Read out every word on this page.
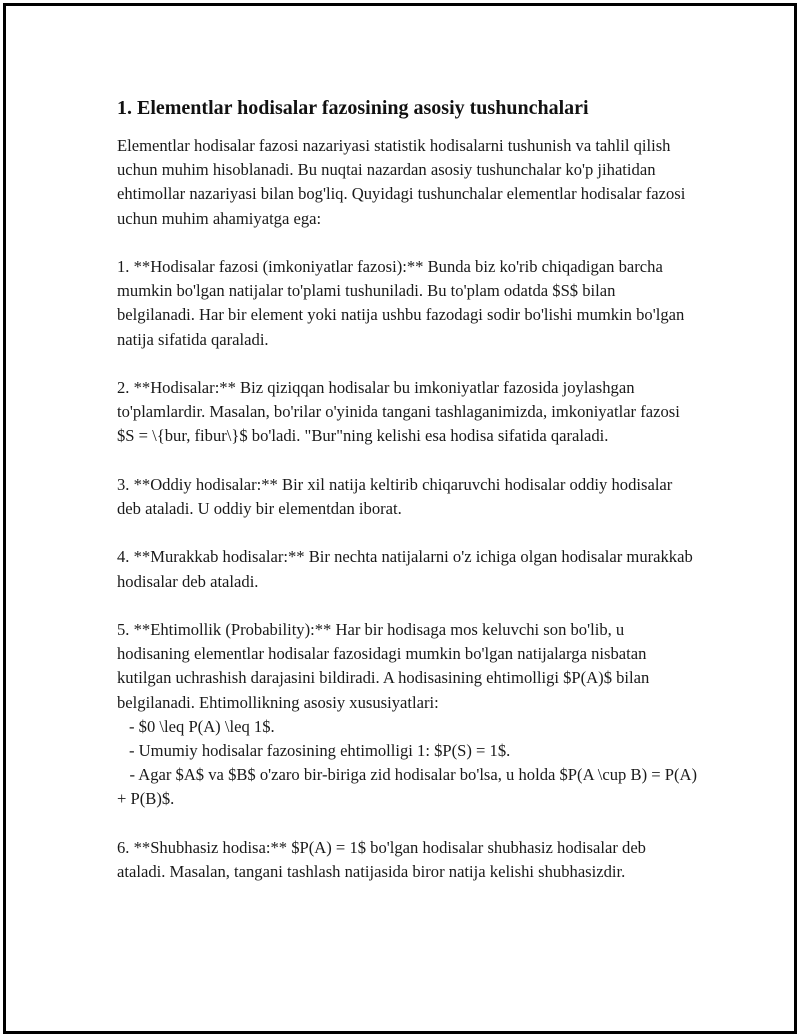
1. Elementlar hodisalar fazosining asosiy tushunchalari

Elementlar hodisalar fazosi nazariyasi statistik hodisalarni tushunish va tahlil qilish uchun muhim hisoblanadi. Bu nuqtai nazardan asosiy tushunchalar ko'p jihatidan ehtimollar nazariyasi bilan bog'liq. Quyidagi tushunchalar elementlar hodisalar fazosi uchun muhim ahamiyatga ega:

1. **Hodisalar fazosi (imkoniyatlar fazosi):** Bunda biz ko'rib chiqadigan barcha mumkin bo'lgan natijalar to'plami tushuniladi. Bu to'plam odatda $S$ bilan belgilanadi. Har bir element yoki natija ushbu fazodagi sodir bo'lishi mumkin bo'lgan natija sifatida qaraladi.

2. **Hodisalar:** Biz qiziqqan hodisalar bu imkoniyatlar fazosida joylashgan to'plamlardir. Masalan, bo'rilar o'yinida tangani tashlaganimizda, imkoniyatlar fazosi $S = \{bur, fibur\}$ bo'ladi. "Bur"ning kelishi esa hodisa sifatida qaraladi.

3. **Oddiy hodisalar:** Bir xil natija keltirib chiqaruvchi hodisalar oddiy hodisalar deb ataladi. U oddiy bir elementdan iborat.

4. **Murakkab hodisalar:** Bir nechta natijalarni o'z ichiga olgan hodisalar murakkab hodisalar deb ataladi.

5. **Ehtimollik (Probability):** Har bir hodisaga mos keluvchi son bo'lib, u hodisaning elementlar hodisalar fazosidagi mumkin bo'lgan natijalarga nisbatan kutilgan uchrashish darajasini bildiradi. A hodisasining ehtimolligi $P(A)$ bilan belgilanadi. Ehtimollikning asosiy xususiyatlari:
- $0 \leq P(A) \leq 1$.
- Umumiy hodisalar fazosining ehtimolligi 1: $P(S) = 1$.
- Agar $A$ va $B$ o'zaro bir-biriga zid hodisalar bo'lsa, u holda $P(A \cup B) = P(A) + P(B)$.

6. **Shubhasiz hodisa:** $P(A) = 1$ bo'lgan hodisalar shubhasiz hodisalar deb ataladi. Masalan, tangani tashlash natijasida biror natija kelishi shubhasizdir.
